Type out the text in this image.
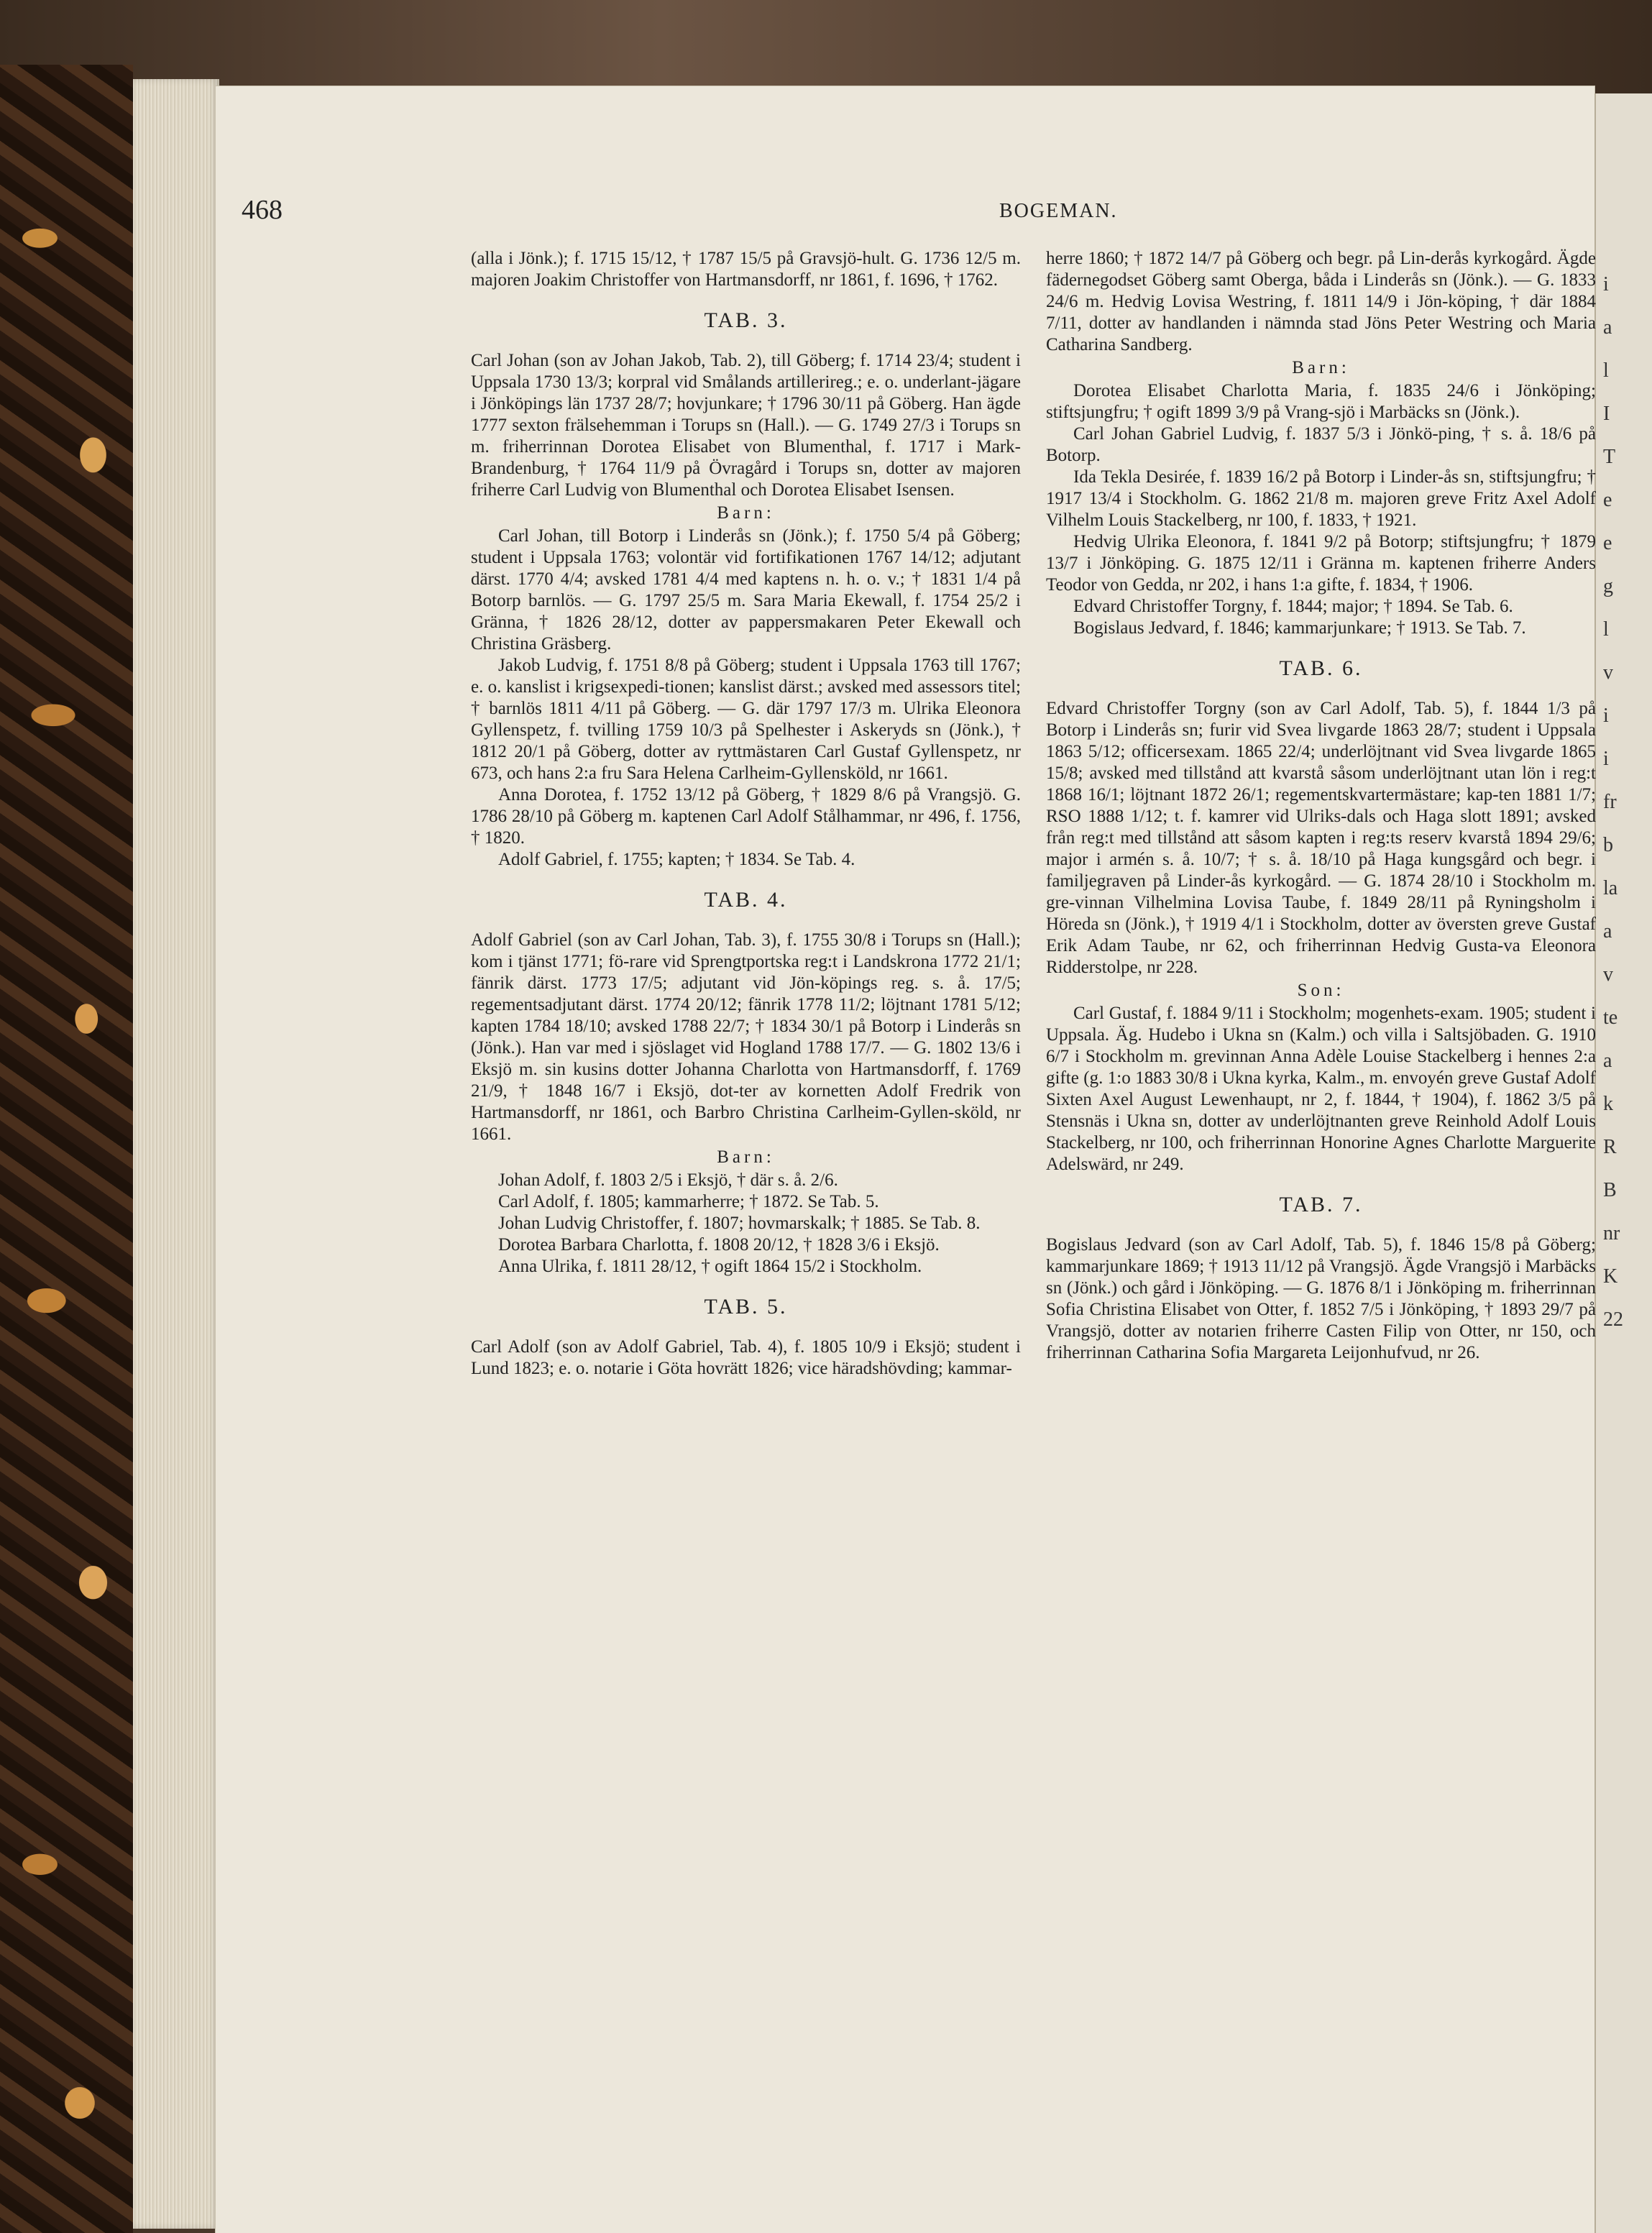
i
a
l
I
T
e
e
g
l
v
i
i
fr
b
la
a
v
te
a
k
R
B
nr
K
22
468	BOGEMAN.

(alla i Jönk.); f. 1715 15/12, † 1787 15/5 på Gravsjö-hult. G. 1736 12/5 m. majoren Joakim Christoffer von Hartmansdorff, nr 1861, f. 1696, † 1762.

TAB. 3.

Carl Johan (son av Johan Jakob, Tab. 2), till Göberg; f. 1714 23/4; student i Uppsala 1730 13/3; korpral vid Smålands artillerireg.; e. o. underlant-jägare i Jönköpings län 1737 28/7; hovjunkare; † 1796 30/11 på Göberg. Han ägde 1777 sexton frälsehemman i Torups sn (Hall.). — G. 1749 27/3 i Torups sn m. friherrinnan Dorotea Elisabet von Blumenthal, f. 1717 i Mark-Brandenburg, † 1764 11/9 på Övragård i Torups sn, dotter av majoren friherre Carl Ludvig von Blumenthal och Dorotea Elisabet Isensen.

Barn:

Carl Johan, till Botorp i Linderås sn (Jönk.); f. 1750 5/4 på Göberg; student i Uppsala 1763; volontär vid fortifikationen 1767 14/12; adjutant därst. 1770 4/4; avsked 1781 4/4 med kaptens n. h. o. v.; † 1831 1/4 på Botorp barnlös. — G. 1797 25/5 m. Sara Maria Ekewall, f. 1754 25/2 i Gränna, † 1826 28/12, dotter av pappersmakaren Peter Ekewall och Christina Gräsberg.

Jakob Ludvig, f. 1751 8/8 på Göberg; student i Uppsala 1763 till 1767; e. o. kanslist i krigsexpedi-tionen; kanslist därst.; avsked med assessors titel; † barnlös 1811 4/11 på Göberg. — G. där 1797 17/3 m. Ulrika Eleonora Gyllenspetz, f. tvilling 1759 10/3 på Spelhester i Askeryds sn (Jönk.), † 1812 20/1 på Göberg, dotter av ryttmästaren Carl Gustaf Gyllenspetz, nr 673, och hans 2:a fru Sara Helena Carlheim-Gyllensköld, nr 1661.

Anna Dorotea, f. 1752 13/12 på Göberg, † 1829 8/6 på Vrangsjö. G. 1786 28/10 på Göberg m. kaptenen Carl Adolf Stålhammar, nr 496, f. 1756, † 1820.

Adolf Gabriel, f. 1755; kapten; † 1834. Se Tab. 4.

TAB. 4.

Adolf Gabriel (son av Carl Johan, Tab. 3), f. 1755 30/8 i Torups sn (Hall.); kom i tjänst 1771; fö-rare vid Sprengtportska reg:t i Landskrona 1772 21/1; fänrik därst. 1773 17/5; adjutant vid Jön-köpings reg. s. å. 17/5; regementsadjutant därst. 1774 20/12; fänrik 1778 11/2; löjtnant 1781 5/12; kapten 1784 18/10; avsked 1788 22/7; † 1834 30/1 på Botorp i Linderås sn (Jönk.). Han var med i sjöslaget vid Hogland 1788 17/7. — G. 1802 13/6 i Eksjö m. sin kusins dotter Johanna Charlotta von Hartmansdorff, f. 1769 21/9, † 1848 16/7 i Eksjö, dot-ter av kornetten Adolf Fredrik von Hartmansdorff, nr 1861, och Barbro Christina Carlheim-Gyllen-sköld, nr 1661.

Barn:

Johan Adolf, f. 1803 2/5 i Eksjö, † där s. å. 2/6.

Carl Adolf, f. 1805; kammarherre; † 1872. Se Tab. 5.

Johan Ludvig Christoffer, f. 1807; hovmarskalk; † 1885. Se Tab. 8.

Dorotea Barbara Charlotta, f. 1808 20/12, † 1828 3/6 i Eksjö.

Anna Ulrika, f. 1811 28/12, † ogift 1864 15/2 i Stockholm.

TAB. 5.

Carl Adolf (son av Adolf Gabriel, Tab. 4), f. 1805 10/9 i Eksjö; student i Lund 1823; e. o. notarie i Göta hovrätt 1826; vice häradshövding; kammar-

herre 1860; † 1872 14/7 på Göberg och begr. på Lin-derås kyrkogård. Ägde fädernegodset Göberg samt Oberga, båda i Linderås sn (Jönk.). — G. 1833 24/6 m. Hedvig Lovisa Westring, f. 1811 14/9 i Jön-köping, † där 1884 7/11, dotter av handlanden i nämnda stad Jöns Peter Westring och Maria Catharina Sandberg.

Barn:

Dorotea Elisabet Charlotta Maria, f. 1835 24/6 i Jönköping; stiftsjungfru; † ogift 1899 3/9 på Vrang-sjö i Marbäcks sn (Jönk.).

Carl Johan Gabriel Ludvig, f. 1837 5/3 i Jönkö-ping, † s. å. 18/6 på Botorp.

Ida Tekla Desirée, f. 1839 16/2 på Botorp i Linder-ås sn, stiftsjungfru; † 1917 13/4 i Stockholm. G. 1862 21/8 m. majoren greve Fritz Axel Adolf Vilhelm Louis Stackelberg, nr 100, f. 1833, † 1921.

Hedvig Ulrika Eleonora, f. 1841 9/2 på Botorp; stiftsjungfru; † 1879 13/7 i Jönköping. G. 1875 12/11 i Gränna m. kaptenen friherre Anders Teodor von Gedda, nr 202, i hans 1:a gifte, f. 1834, † 1906.

Edvard Christoffer Torgny, f. 1844; major; † 1894. Se Tab. 6.

Bogislaus Jedvard, f. 1846; kammarjunkare; † 1913. Se Tab. 7.

TAB. 6.

Edvard Christoffer Torgny (son av Carl Adolf, Tab. 5), f. 1844 1/3 på Botorp i Linderås sn; furir vid Svea livgarde 1863 28/7; student i Uppsala 1863 5/12; officersexam. 1865 22/4; underlöjtnant vid Svea livgarde 1865 15/8; avsked med tillstånd att kvarstå såsom underlöjtnant utan lön i reg:t 1868 16/1; löjtnant 1872 26/1; regementskvartermästare; kap-ten 1881 1/7; RSO 1888 1/12; t. f. kamrer vid Ulriks-dals och Haga slott 1891; avsked från reg:t med tillstånd att såsom kapten i reg:ts reserv kvarstå 1894 29/6; major i armén s. å. 10/7; † s. å. 18/10 på Haga kungsgård och begr. i familjegraven på Linder-ås kyrkogård. — G. 1874 28/10 i Stockholm m. gre-vinnan Vilhelmina Lovisa Taube, f. 1849 28/11 på Ryningsholm i Höreda sn (Jönk.), † 1919 4/1 i Stockholm, dotter av översten greve Gustaf Erik Adam Taube, nr 62, och friherrinnan Hedvig Gusta-va Eleonora Ridderstolpe, nr 228.

Son:

Carl Gustaf, f. 1884 9/11 i Stockholm; mogenhets-exam. 1905; student i Uppsala. Äg. Hudebo i Ukna sn (Kalm.) och villa i Saltsjöbaden. G. 1910 6/7 i Stockholm m. grevinnan Anna Adèle Louise Stackelberg i hennes 2:a gifte (g. 1:o 1883 30/8 i Ukna kyrka, Kalm., m. envoyén greve Gustaf Adolf Sixten Axel August Lewenhaupt, nr 2, f. 1844, † 1904), f. 1862 3/5 på Stensnäs i Ukna sn, dotter av underlöjtnanten greve Reinhold Adolf Louis Stackelberg, nr 100, och friherrinnan Honorine Agnes Charlotte Marguerite Adelswärd, nr 249.

TAB. 7.

Bogislaus Jedvard (son av Carl Adolf, Tab. 5), f. 1846 15/8 på Göberg; kammarjunkare 1869; † 1913 11/12 på Vrangsjö. Ägde Vrangsjö i Marbäcks sn (Jönk.) och gård i Jönköping. — G. 1876 8/1 i Jönköping m. friherrinnan Sofia Christina Elisabet von Otter, f. 1852 7/5 i Jönköping, † 1893 29/7 på Vrangsjö, dotter av notarien friherre Casten Filip von Otter, nr 150, och friherrinnan Catharina Sofia Margareta Leijonhufvud, nr 26.
